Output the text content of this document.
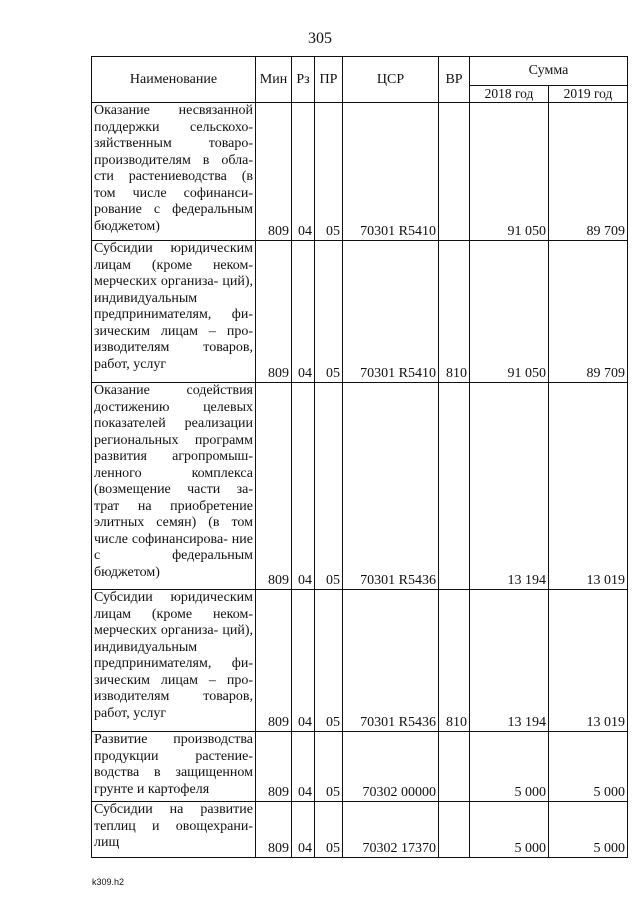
305
Наименование	Мин	Рз	ПР	ЦСР	ВР	Сумма	
						2018 год	2019 год
Оказание несвязанной поддержки сельскохо- зяйственным товаро- производителям в обла- сти растениеводства (в том числе софинанси- рование с федеральным бюджетом)	809	04	05	70301 R5410		91 050	89 709
Субсидии юридическим лицам (кроме неком- мерческих организа- ций), индивидуальным предпринимателям, фи- зическим лицам – про- изводителям товаров, работ, услуг	809	04	05	70301 R5410	810	91 050	89 709
Оказание содействия достижению целевых показателей реализации региональных программ развития агропромыш- ленного комплекса (возмещение части за- трат на приобретение элитных семян) (в том числе софинансирова- ние с федеральным бюджетом)	809	04	05	70301 R5436		13 194	13 019
Субсидии юридическим лицам (кроме неком- мерческих организа- ций), индивидуальным предпринимателям, фи- зическим лицам – про- изводителям товаров, работ, услуг	809	04	05	70301 R5436	810	13 194	13 019
Развитие производства продукции растение- водства в защищенном грунте и картофеля	809	04	05	70302 00000		5 000	5 000
Субсидии на развитие теплиц и овощехрани- лищ	809	04	05	70302 17370		5 000	5 000
k309.h2
